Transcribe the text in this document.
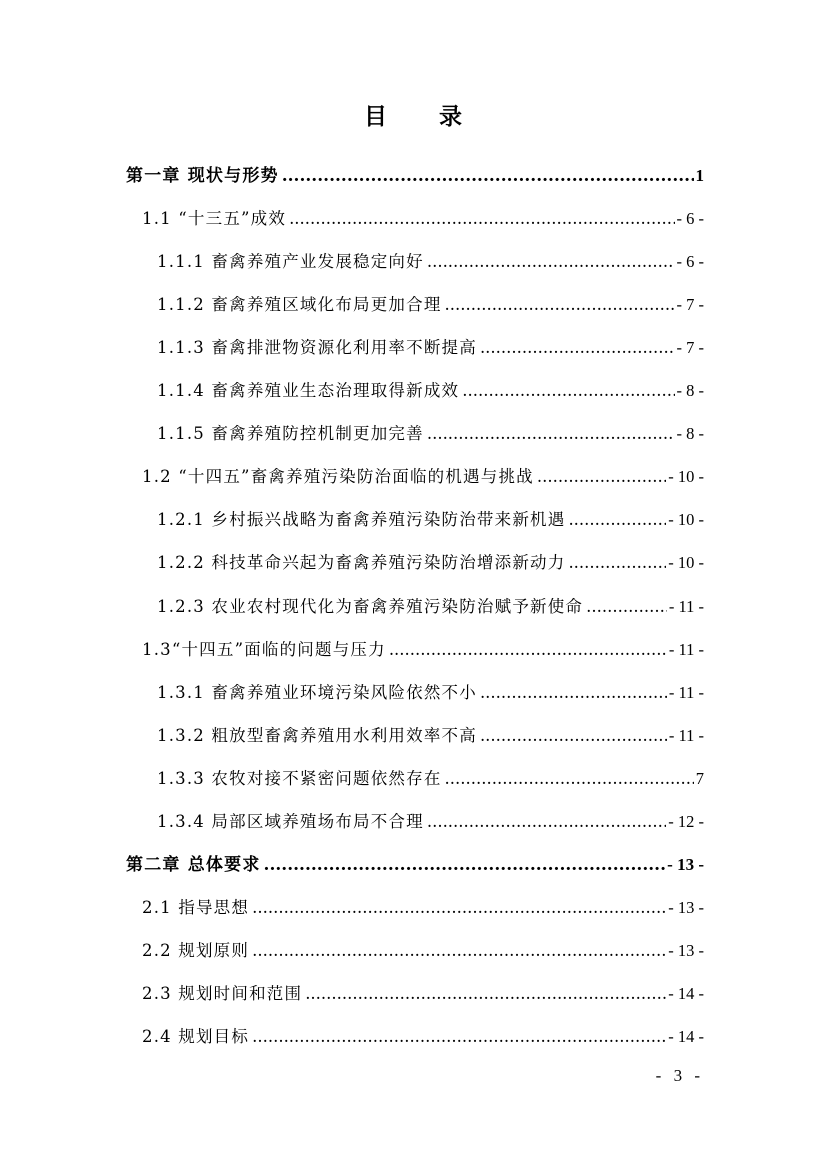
目 录
第一章 现状与形势 .....	1
1.1 “十三五”成效 .....	- 6 -
1.1.1 畜禽养殖产业发展稳定向好 .....	- 6 -
1.1.2 畜禽养殖区域化布局更加合理 .....	- 7 -
1.1.3 畜禽排泄物资源化利用率不断提高 .....	- 7 -
1.1.4 畜禽养殖业生态治理取得新成效 .....	- 8 -
1.1.5 畜禽养殖防控机制更加完善 .....	- 8 -
1.2 “十四五”畜禽养殖污染防治面临的机遇与挑战 .....	- 10 -
1.2.1 乡村振兴战略为畜禽养殖污染防治带来新机遇 .....	- 10 -
1.2.2 科技革命兴起为畜禽养殖污染防治增添新动力 .....	- 10 -
1.2.3 农业农村现代化为畜禽养殖污染防治赋予新使命 .....	- 11 -
1.3“十四五”面临的问题与压力 .....	- 11 -
1.3.1 畜禽养殖业环境污染风险依然不小 .....	- 11 -
1.3.2 粗放型畜禽养殖用水利用效率不高 .....	- 11 -
1.3.3 农牧对接不紧密问题依然存在 .....	7
1.3.4 局部区域养殖场布局不合理 .....	- 12 -
第二章 总体要求 .....	- 13 -
2.1 指导思想 .....	- 13 -
2.2 规划原则 .....	- 13 -
2.3 规划时间和范围 .....	- 14 -
2.4 规划目标 .....	- 14 -
- 3 -
